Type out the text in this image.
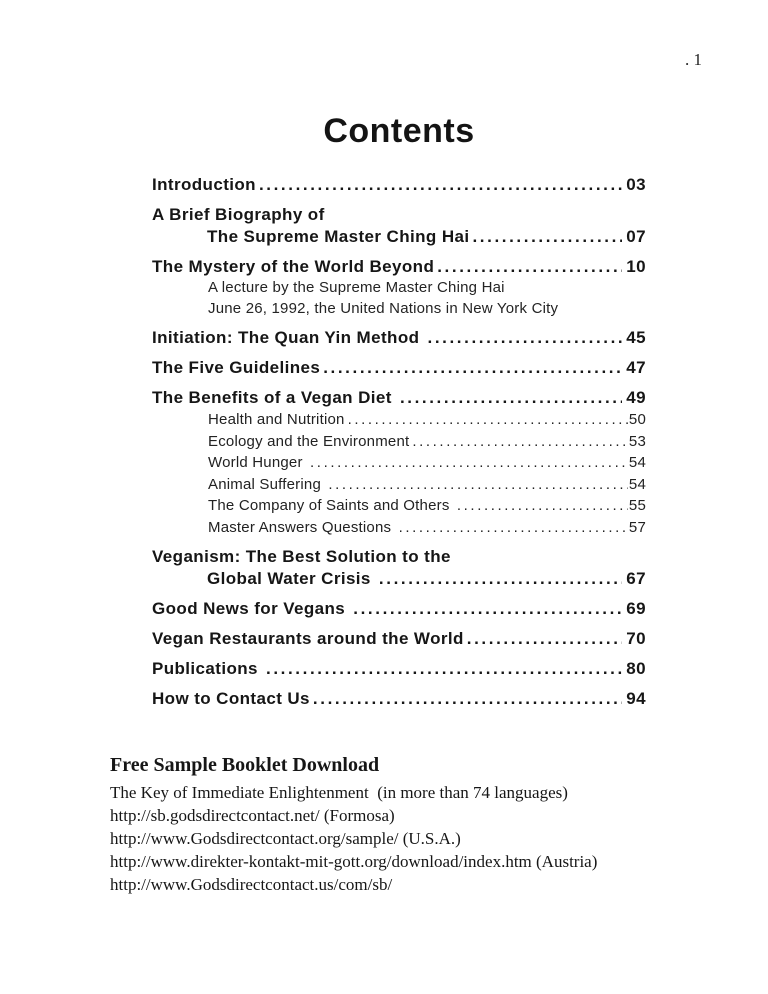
. 1
Contents
Introduction .....	03
A Brief Biography of
The Supreme Master Ching Hai .....	07
The Mystery of the World Beyond .....	10
A lecture by the Supreme Master Ching Hai
June 26, 1992, the United Nations in New York City
Initiation: The Quan Yin Method .....	45
The Five Guidelines .....	47
The Benefits of a Vegan Diet .....	49
Health and Nutrition .....	50
Ecology and the Environment .....	53
World Hunger .....	54
Animal Suffering .....	54
The Company of Saints and Others .....	55
Master Answers Questions .....	57
Veganism: The Best Solution to the
Global Water Crisis .....	67
Good News for Vegans .....	69
Vegan Restaurants around the World .....	70
Publications .....	80
How to Contact Us .....	94
Free Sample Booklet Download
The Key of Immediate Enlightenment  (in more than 74 languages)
http://sb.godsdirectcontact.net/ (Formosa)
http://www.Godsdirectcontact.org/sample/ (U.S.A.)
http://www.direkter-kontakt-mit-gott.org/download/index.htm (Austria)
http://www.Godsdirectcontact.us/com/sb/
